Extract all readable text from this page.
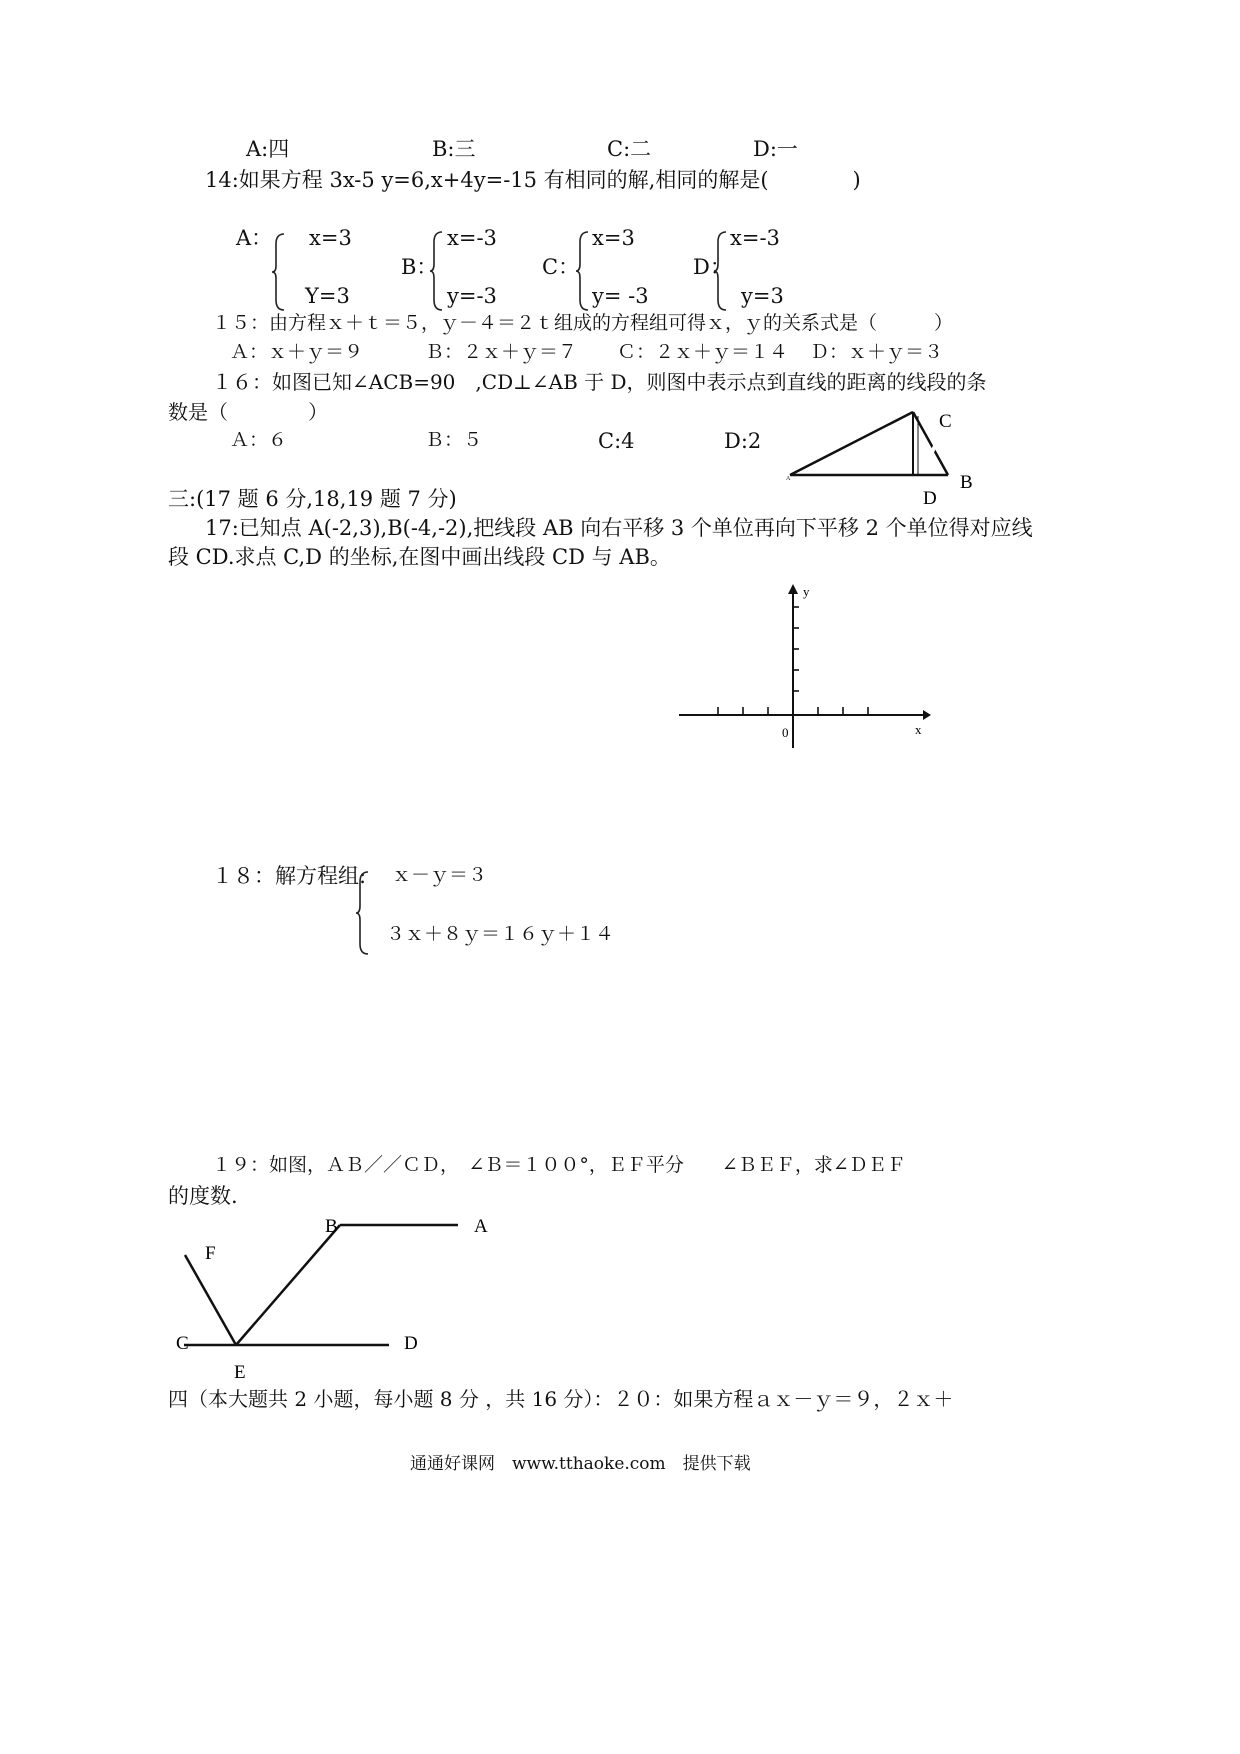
A:四	B:三	C:二	D:一
14:如果方程 3x-5 y=6,x+4y=-15 有相同的解,相同的解是(　　　　)
A： x=3
Y=3
B：
x=-3
y=-3
C：
x=3
y= -3
D：
x=-3
y=3
１５：由方程ｘ＋ｔ＝５，ｙ－４＝２ｔ组成的方程组可得ｘ，ｙ的关系式是（　　　）
Ａ：ｘ＋ｙ＝９	Ｂ：２ｘ＋ｙ＝７ Ｃ：２ｘ＋ｙ＝１４ Ｄ：ｘ＋ｙ＝３
１６：如图已知∠ACB=90　,CD⊥∠AB 于 D，则图中表示点到直线的距离的线段的条
数是（　　　　）
Ａ：６	Ｂ：５	C:4	D:2
A
C
B
D
三:(17 题 6 分,18,19 题 7 分)
17:已知点 A(-2,3),B(-4,-2),把线段 AB 向右平移 3 个单位再向下平移 2 个单位得对应线
段 CD.求点 C,D 的坐标,在图中画出线段 CD 与 AB。
y
x
0
１８：解方程组: ｘ－ｙ＝３
３ｘ＋８ｙ＝１６ｙ＋１４
１９：如图，ＡＢ／／ＣＤ，　∠Ｂ＝１００°，ＥＦ平分　　∠ＢＥＦ，求∠ＤＥＦ
的度数.
B	A
F
C	D
E
四（本大题共 2 小题，每小题 8 分 ，共 16 分）：２０：如果方程ａｘ－ｙ＝９，２ｘ＋
通通好课网　www.tthaoke.com　提供下载
